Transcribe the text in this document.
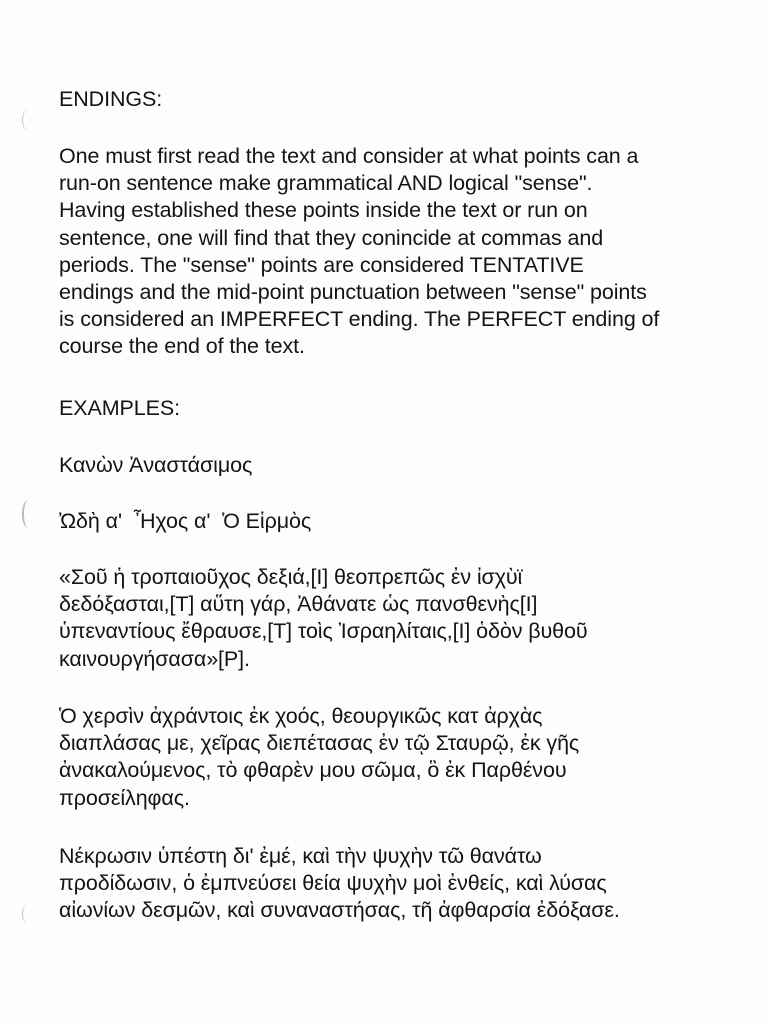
ENDINGS:
One must first read the text and consider at what points can a
run-on sentence make grammatical AND logical "sense".
Having established these points inside the text or run on
sentence, one will find that they conincide at commas and
periods. The "sense" points are considered TENTATIVE
endings and the mid-point punctuation between "sense" points
is considered an IMPERFECT ending. The PERFECT ending of
course the end of the text.
EXAMPLES:
Κανὼν Ἀναστάσιμος
Ὠδὴ α'  Ἦχος α'  Ὁ Εἱρμὸς
«Σοῦ ἡ τροπαιοῦχος δεξιά,[I] θεοπρεπῶς ἐν ἰσχὺϊ
δεδόξασται,[T] αὕτη γάρ, Ἀθάνατε ὡς πανσθενὴς[I]
ὑπεναντίους ἔθραυσε,[T] τοὶς Ἰσραηλίταις,[I] ὁδὸν βυθοῦ
καινουργήσασα»[P].
Ὁ χερσὶν ἀχράντοις ἐκ χοός, θεουργικῶς κατ ἀρχὰς
διαπλάσας με, χεῖρας διεπέτασας ἐν τῷ Σταυρῷ, ἐκ γῆς
ἀνακαλούμενος, τὸ φθαρὲν μου σῶμα, ὃ ἐκ Παρθένου
προσείληφας.
Νέκρωσιν ὑπέστη δι' ἐμέ, καὶ τὴν ψυχὴν τῶ θανάτω
προδίδωσιν, ὁ ἐμπνεύσει θεία ψυχὴν μοὶ ἐνθείς, καὶ λύσας
αἰωνίων δεσμῶν, καὶ συναναστήσας, τῆ ἀφθαρσία ἐδόξασε.
